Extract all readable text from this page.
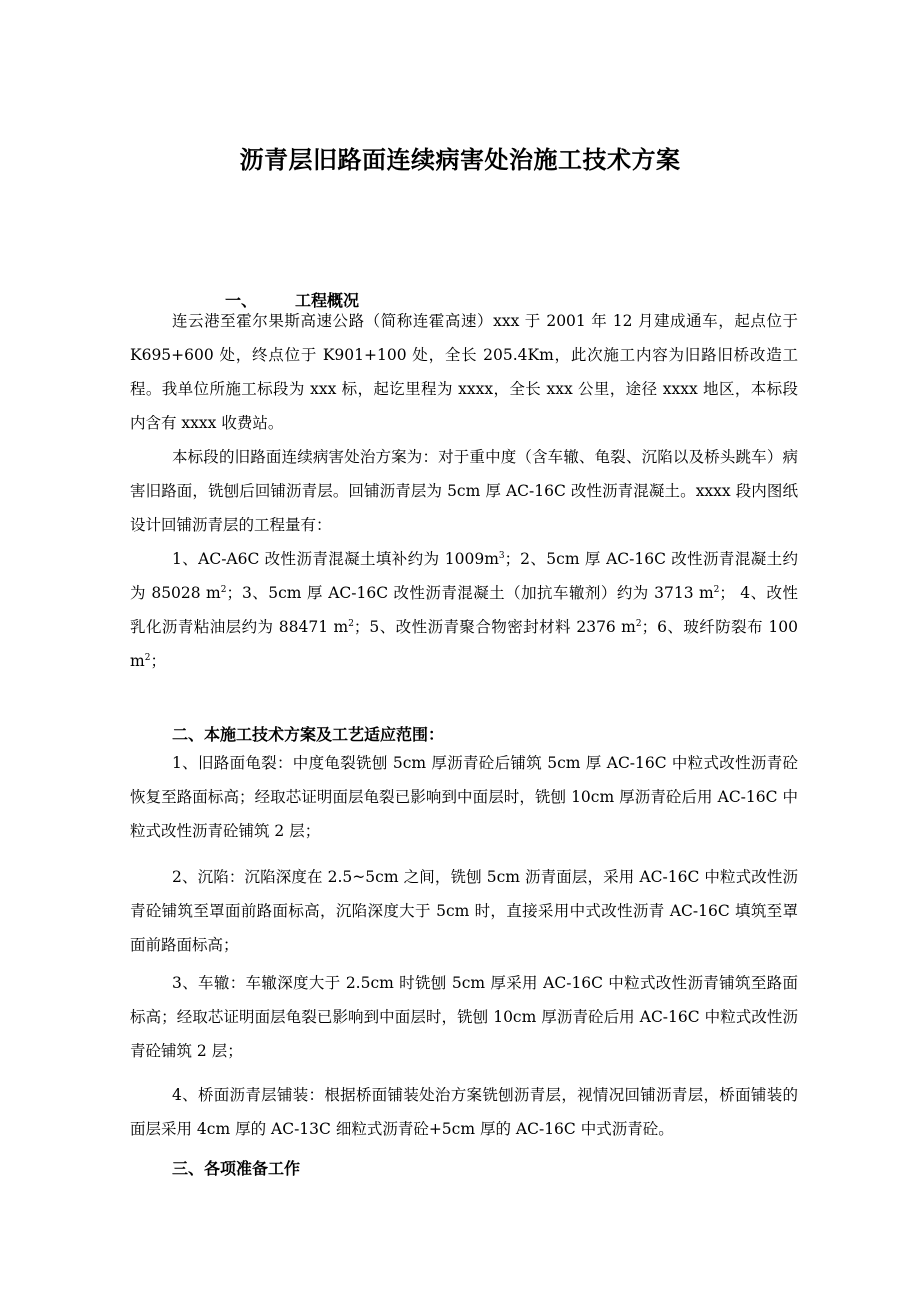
沥青层旧路面连续病害处治施工技术方案
一、 工程概况

连云港至霍尔果斯高速公路（简称连霍高速）xxx 于 2001 年 12 月建成通车，起点位于 K695+600 处，终点位于 K901+100 处，全长 205.4Km，此次施工内容为旧路旧桥改造工程。我单位所施工标段为 xxx 标，起讫里程为 xxxx，全长 xxx 公里，途径 xxxx 地区，本标段内含有 xxxx 收费站。

本标段的旧路面连续病害处治方案为：对于重中度（含车辙、龟裂、沉陷以及桥头跳车）病害旧路面，铣刨后回铺沥青层。回铺沥青层为 5cm 厚 AC-16C 改性沥青混凝土。xxxx 段内图纸设计回铺沥青层的工程量有：

1、AC-A6C 改性沥青混凝土填补约为 $1009m^3$；2、5cm 厚 AC-16C 改性沥青混凝土约为 85028 $m^2$；3、5cm 厚 AC-16C 改性沥青混凝土（加抗车辙剂）约为 3713 $m^2$； 4、改性乳化沥青粘油层约为 88471 $m^2$；5、改性沥青聚合物密封材料 2376 $m^2$；6、玻纤防裂布 100 $m^2$；

二、本施工技术方案及工艺适应范围：

1、旧路面龟裂：中度龟裂铣刨 5cm 厚沥青砼后铺筑 5cm 厚 AC-16C 中粒式改性沥青砼恢复至路面标高；经取芯证明面层龟裂已影响到中面层时，铣刨 10cm 厚沥青砼后用 AC-16C 中粒式改性沥青砼铺筑 2 层；

2、沉陷：沉陷深度在 2.5~5cm 之间，铣刨 5cm 沥青面层，采用 AC-16C 中粒式改性沥青砼铺筑至罩面前路面标高，沉陷深度大于 5cm 时，直接采用中式改性沥青 AC-16C 填筑至罩面前路面标高；

3、车辙：车辙深度大于 2.5cm 时铣刨 5cm 厚采用 AC-16C 中粒式改性沥青铺筑至路面标高；经取芯证明面层龟裂已影响到中面层时，铣刨 10cm 厚沥青砼后用 AC-16C 中粒式改性沥青砼铺筑 2 层；

4、桥面沥青层铺装：根据桥面铺装处治方案铣刨沥青层，视情况回铺沥青层，桥面铺装的面层采用 4cm 厚的 AC-13C 细粒式沥青砼+5cm 厚的 AC-16C 中式沥青砼。

三、各项准备工作
